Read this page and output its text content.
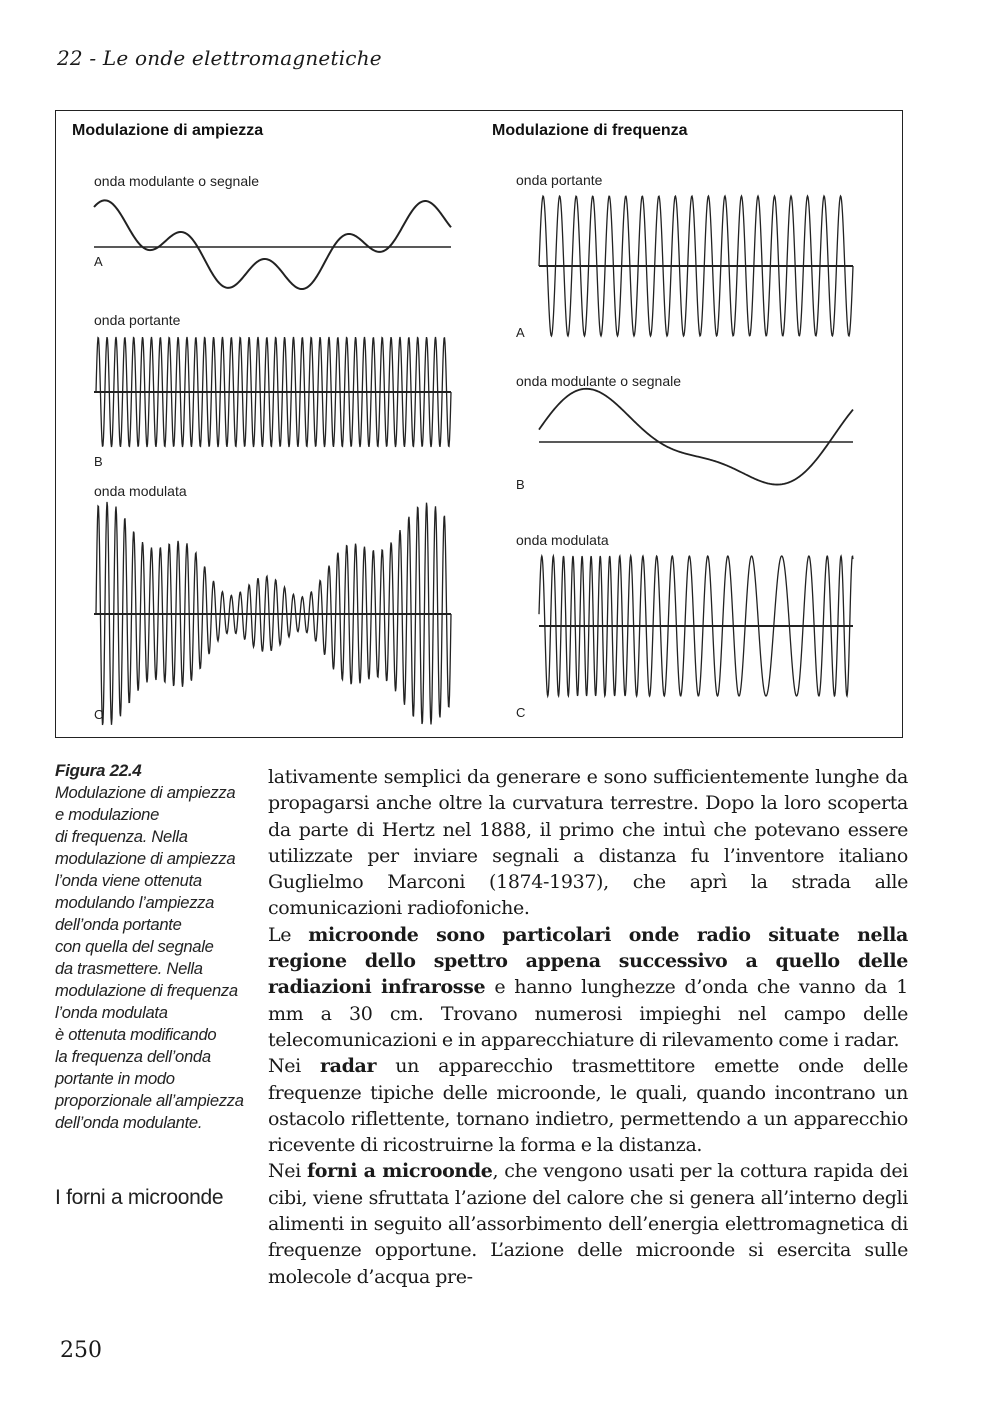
22 - Le onde elettromagnetiche
Modulazione di ampiezza	Modulazione di frequenza
onda modulante o segnale
A
onda portante
B
onda modulata
C
onda portante
A
onda modulante o segnale
B
onda modulata
C
Figura 22.4
Modulazione di ampiezza
e modulazione
di frequenza. Nella
modulazione di ampiezza
l’onda viene ottenuta
modulando l’ampiezza
dell’onda portante
con quella del segnale
da trasmettere. Nella
modulazione di frequenza
l’onda modulata
è ottenuta modificando
la frequenza dell’onda
portante in modo
proporzionale all’ampiezza
dell’onda modulante.
I forni a microonde

lativamente semplici da generare e sono sufficientemente lunghe da propagarsi anche oltre la curvatura terrestre. Dopo la loro scoperta da parte di Hertz nel 1888, il primo che intuì che potevano essere utilizzate per inviare segnali a distanza fu l’inventore italiano Guglielmo Marconi (1874-1937), che aprì la strada alle comunicazioni radiofoniche.

Le microonde sono particolari onde radio situate nella regione dello spettro appena successivo a quello delle radiazioni infrarosse e hanno lunghezze d’onda che vanno da 1 mm a 30 cm. Trovano numerosi impieghi nel campo delle telecomunicazioni e in apparecchiature di rilevamento come i radar.

Nei radar un apparecchio trasmettitore emette onde delle frequenze tipiche delle microonde, le quali, quando incontrano un ostacolo riflettente, tornano indietro, permettendo a un apparecchio ricevente di ricostruirne la forma e la distanza.

Nei forni a microonde, che vengono usati per la cottura rapida dei cibi, viene sfruttata l’azione del calore che si genera all’interno degli alimenti in seguito all’assorbimento dell’energia elettromagnetica di frequenze opportune. L’azione delle microonde si esercita sulle molecole d’acqua pre-

250
